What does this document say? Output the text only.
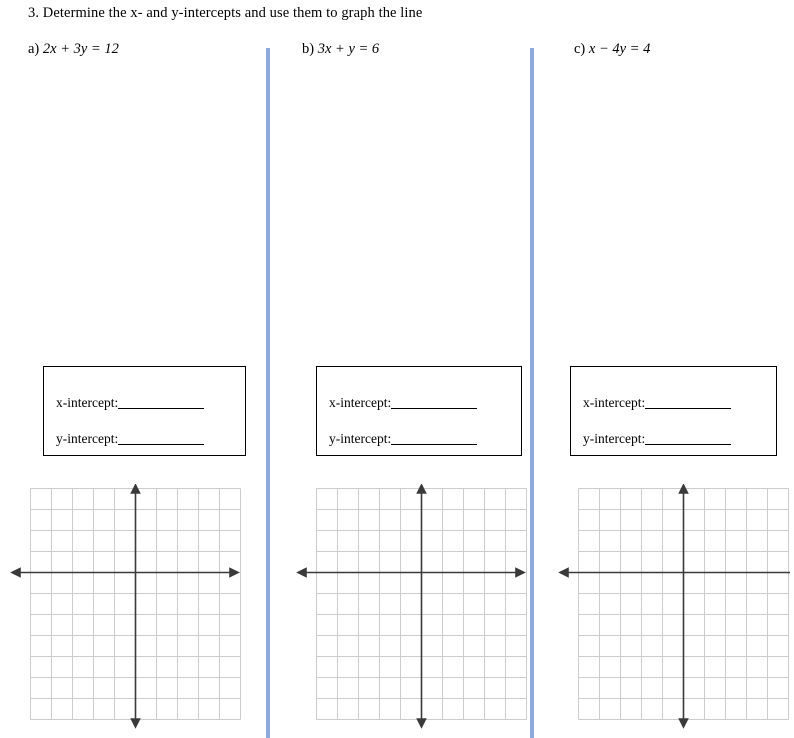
3. Determine the x- and y-intercepts and use them to graph the line
a) 2x + 3y = 12
x-intercept:
y-intercept:
b) 3x + y = 6
x-intercept:
y-intercept:
c) x − 4y = 4
x-intercept:
y-intercept:
